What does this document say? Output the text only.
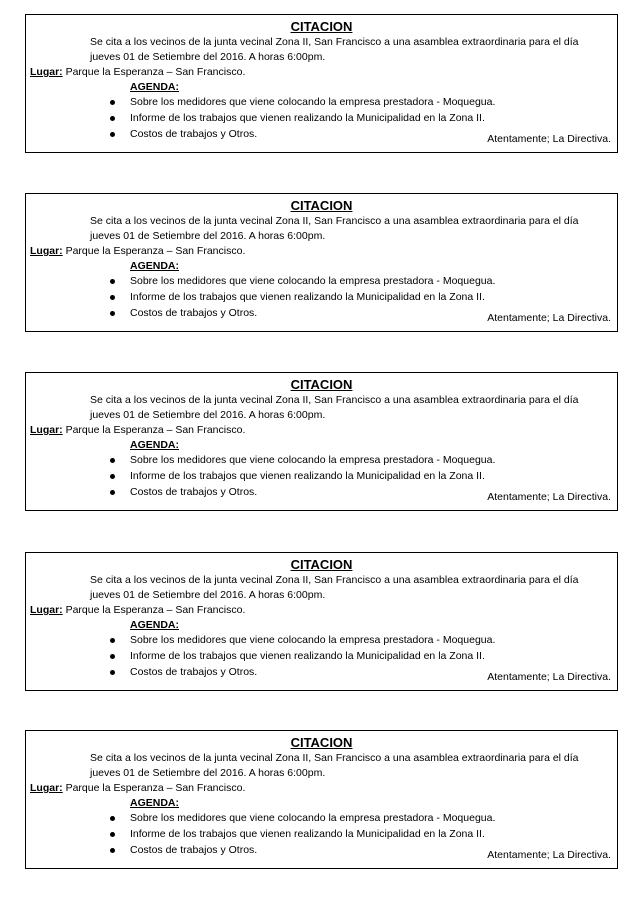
CITACION
Se cita a los vecinos de la junta vecinal Zona II, San Francisco a una asamblea extraordinaria para el día
jueves 01 de Setiembre del 2016. A horas 6:00pm.
Lugar: Parque la Esperanza – San Francisco.
AGENDA:
Sobre los medidores que viene colocando la empresa prestadora - Moquegua.
Informe de los trabajos que vienen realizando la Municipalidad en la Zona II.
Costos de trabajos y Otros.	Atentamente; La Directiva.
CITACION
Se cita a los vecinos de la junta vecinal Zona II, San Francisco a una asamblea extraordinaria para el día
jueves 01 de Setiembre del 2016. A horas 6:00pm.
Lugar: Parque la Esperanza – San Francisco.
AGENDA:
Sobre los medidores que viene colocando la empresa prestadora - Moquegua.
Informe de los trabajos que vienen realizando la Municipalidad en la Zona II.
Costos de trabajos y Otros.	Atentamente; La Directiva.
CITACION
Se cita a los vecinos de la junta vecinal Zona II, San Francisco a una asamblea extraordinaria para el día
jueves 01 de Setiembre del 2016. A horas 6:00pm.
Lugar: Parque la Esperanza – San Francisco.
AGENDA:
Sobre los medidores que viene colocando la empresa prestadora - Moquegua.
Informe de los trabajos que vienen realizando la Municipalidad en la Zona II.
Costos de trabajos y Otros.	Atentamente; La Directiva.
CITACION
Se cita a los vecinos de la junta vecinal Zona II, San Francisco a una asamblea extraordinaria para el día
jueves 01 de Setiembre del 2016. A horas 6:00pm.
Lugar: Parque la Esperanza – San Francisco.
AGENDA:
Sobre los medidores que viene colocando la empresa prestadora - Moquegua.
Informe de los trabajos que vienen realizando la Municipalidad en la Zona II.
Costos de trabajos y Otros.	Atentamente; La Directiva.
CITACION
Se cita a los vecinos de la junta vecinal Zona II, San Francisco a una asamblea extraordinaria para el día
jueves 01 de Setiembre del 2016. A horas 6:00pm.
Lugar: Parque la Esperanza – San Francisco.
AGENDA:
Sobre los medidores que viene colocando la empresa prestadora - Moquegua.
Informe de los trabajos que vienen realizando la Municipalidad en la Zona II.
Costos de trabajos y Otros.	Atentamente; La Directiva.
